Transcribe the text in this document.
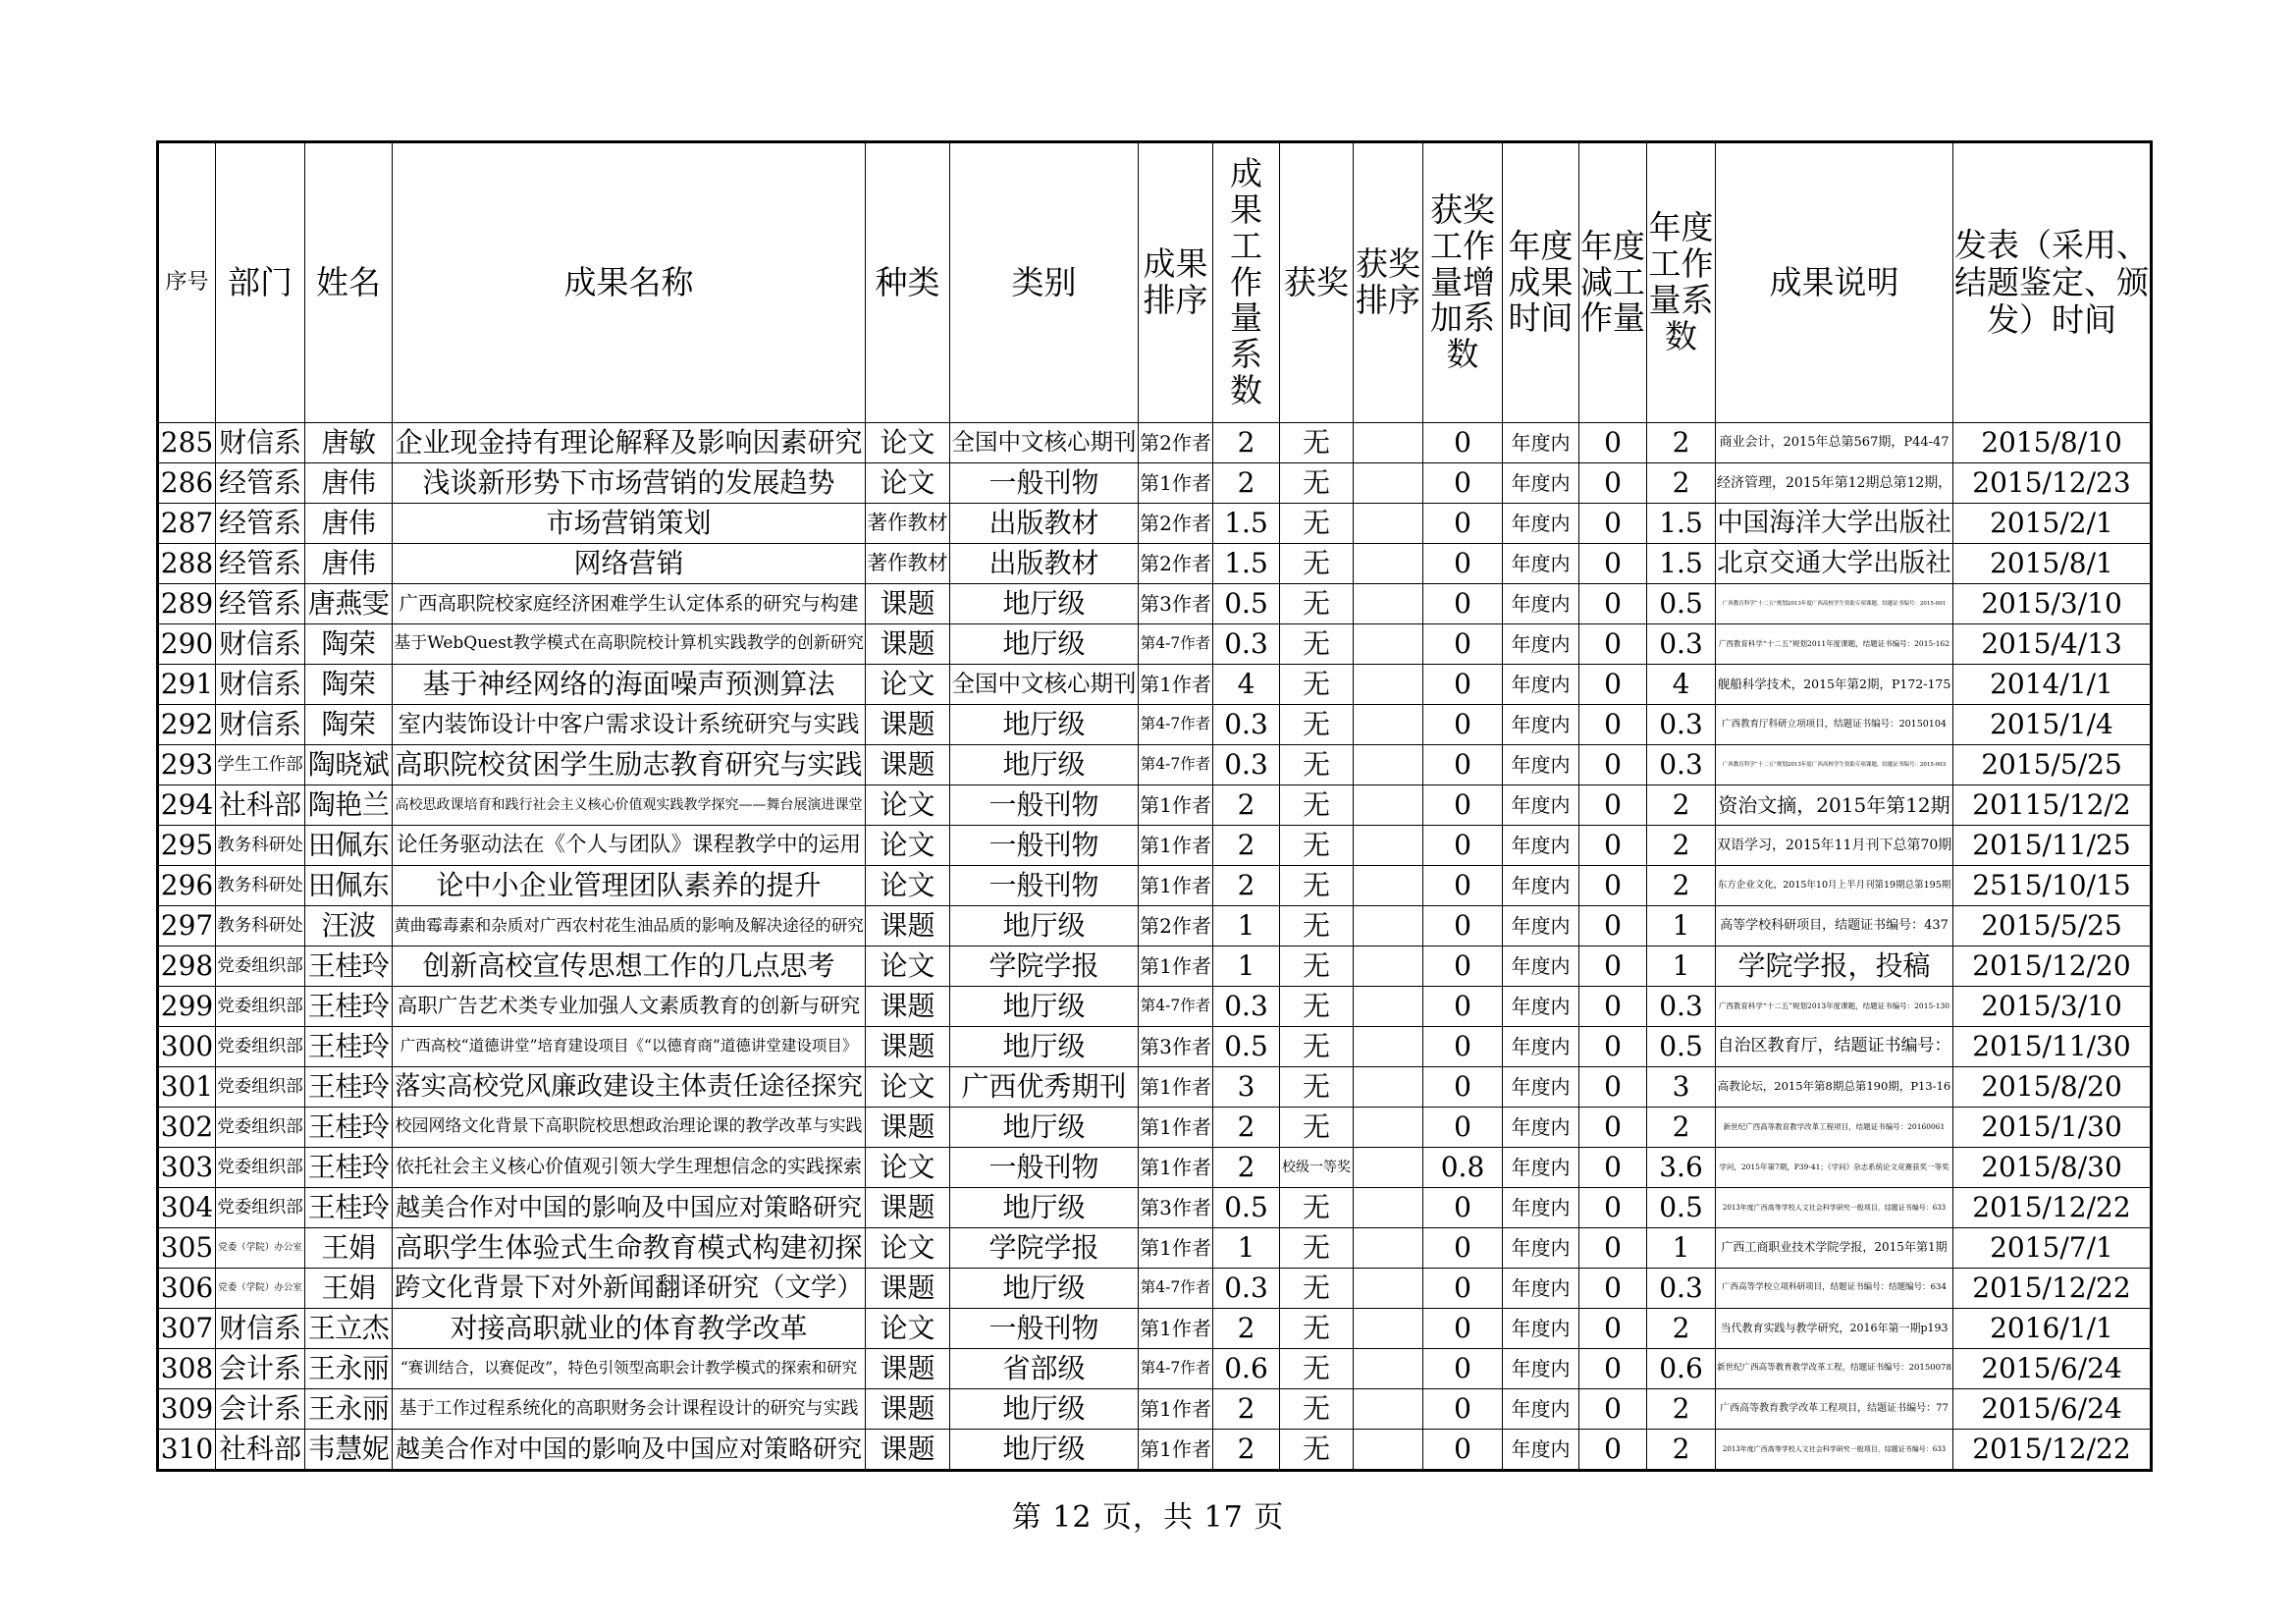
序号	部门	姓名	成果名称	种类	类别	成果排序	成果工作量系数	获奖	获奖排序	获奖工作量增加系数	年度成果时间	年度减工作量	年度工作量系数	成果说明	发表（采用、结题鉴定、颁发）时间
285	财信系	唐敏	企业现金持有理论解释及影响因素研究	论文	全国中文核心期刊	第2作者	2	无		0	年度内	0	2	商业会计，2015年总第567期，P44-47	2015/8/10
286	经管系	唐伟	浅谈新形势下市场营销的发展趋势	论文	一般刊物	第1作者	2	无		0	年度内	0	2	经济管理，2015年第12期总第12期，	2015/12/23
287	经管系	唐伟	市场营销策划	著作教材	出版教材	第2作者	1.5	无		0	年度内	0	1.5	中国海洋大学出版社	2015/2/1
288	经管系	唐伟	网络营销	著作教材	出版教材	第2作者	1.5	无		0	年度内	0	1.5	北京交通大学出版社	2015/8/1
289	经管系	唐燕雯	广西高职院校家庭经济困难学生认定体系的研究与构建	课题	地厅级	第3作者	0.5	无		0	年度内	0	0.5	广西教育科学“十二五”规划2013年度广西高校学生资助专项课题，结题证书编号：2015-001	2015/3/10
290	财信系	陶荣	基于WebQuest教学模式在高职院校计算机实践教学的创新研究	课题	地厅级	第4-7作者	0.3	无		0	年度内	0	0.3	广西教育科学“十二五”规划2011年度课题，结题证书编号：2015-162	2015/4/13
291	财信系	陶荣	基于神经网络的海面噪声预测算法	论文	全国中文核心期刊	第1作者	4	无		0	年度内	0	4	舰船科学技术，2015年第2期，P172-175	2014/1/1
292	财信系	陶荣	室内装饰设计中客户需求设计系统研究与实践	课题	地厅级	第4-7作者	0.3	无		0	年度内	0	0.3	广西教育厅科研立项项目，结题证书编号：20150104	2015/1/4
293	学生工作部	陶晓斌	高职院校贫困学生励志教育研究与实践	课题	地厅级	第4-7作者	0.3	无		0	年度内	0	0.3	广西教育科学“十二五”规划2013年度广西高校学生资助专项课题，结题证书编号：2015-003	2015/5/25
294	社科部	陶艳兰	高校思政课培育和践行社会主义核心价值观实践教学探究——舞台展演进课堂	论文	一般刊物	第1作者	2	无		0	年度内	0	2	资治文摘，2015年第12期	20115/12/2
295	教务科研处	田佩东	论任务驱动法在《个人与团队》课程教学中的运用	论文	一般刊物	第1作者	2	无		0	年度内	0	2	双语学习，2015年11月刊下总第70期	2015/11/25
296	教务科研处	田佩东	论中小企业管理团队素养的提升	论文	一般刊物	第1作者	2	无		0	年度内	0	2	东方企业文化，2015年10月上半月刊第19期总第195期	2515/10/15
297	教务科研处	汪波	黄曲霉毒素和杂质对广西农村花生油品质的影响及解决途径的研究	课题	地厅级	第2作者	1	无		0	年度内	0	1	高等学校科研项目，结题证书编号：437	2015/5/25
298	党委组织部	王桂玲	创新高校宣传思想工作的几点思考	论文	学院学报	第1作者	1	无		0	年度内	0	1	学院学报，投稿	2015/12/20
299	党委组织部	王桂玲	高职广告艺术类专业加强人文素质教育的创新与研究	课题	地厅级	第4-7作者	0.3	无		0	年度内	0	0.3	广西教育科学“十二五”规划2013年度课题，结题证书编号：2015-130	2015/3/10
300	党委组织部	王桂玲	广西高校“道德讲堂”培育建设项目《“以德育商”道德讲堂建设项目》	课题	地厅级	第3作者	0.5	无		0	年度内	0	0.5	自治区教育厅，结题证书编号：	2015/11/30
301	党委组织部	王桂玲	落实高校党风廉政建设主体责任途径探究	论文	广西优秀期刊	第1作者	3	无		0	年度内	0	3	高教论坛，2015年第8期总第190期，P13-16	2015/8/20
302	党委组织部	王桂玲	校园网络文化背景下高职院校思想政治理论课的教学改革与实践	课题	地厅级	第1作者	2	无		0	年度内	0	2	新世纪广西高等教育教学改革工程项目，结题证书编号：20160061	2015/1/30
303	党委组织部	王桂玲	依托社会主义核心价值观引领大学生理想信念的实践探索	论文	一般刊物	第1作者	2	校级一等奖		0.8	年度内	0	3.6	学问，2015年第7期，P39-41；《学问》杂志系统论文竞赛获奖一等奖	2015/8/30
304	党委组织部	王桂玲	越美合作对中国的影响及中国应对策略研究	课题	地厅级	第3作者	0.5	无		0	年度内	0	0.5	2013年度广西高等学校人文社会科学研究一般项目，结题证书编号：633	2015/12/22
305	党委（学院）办公室	王娟	高职学生体验式生命教育模式构建初探	论文	学院学报	第1作者	1	无		0	年度内	0	1	广西工商职业技术学院学报，2015年第1期	2015/7/1
306	党委（学院）办公室	王娟	跨文化背景下对外新闻翻译研究（文学）	课题	地厅级	第4-7作者	0.3	无		0	年度内	0	0.3	广西高等学校立项科研项目，结题证书编号：结题编号：634	2015/12/22
307	财信系	王立杰	对接高职就业的体育教学改革	论文	一般刊物	第1作者	2	无		0	年度内	0	2	当代教育实践与教学研究，2016年第一期p193	2016/1/1
308	会计系	王永丽	“赛训结合，以赛促改”，特色引领型高职会计教学模式的探索和研究	课题	省部级	第4-7作者	0.6	无		0	年度内	0	0.6	新世纪广西高等教育教学改革工程，结题证书编号：20150078	2015/6/24
309	会计系	王永丽	基于工作过程系统化的高职财务会计课程设计的研究与实践	课题	地厅级	第1作者	2	无		0	年度内	0	2	广西高等教育教学改革工程项目，结题证书编号：77	2015/6/24
310	社科部	韦慧妮	越美合作对中国的影响及中国应对策略研究	课题	地厅级	第1作者	2	无		0	年度内	0	2	2013年度广西高等学校人文社会科学研究一般项目，结题证书编号：633	2015/12/22
第 12 页，共 17 页
